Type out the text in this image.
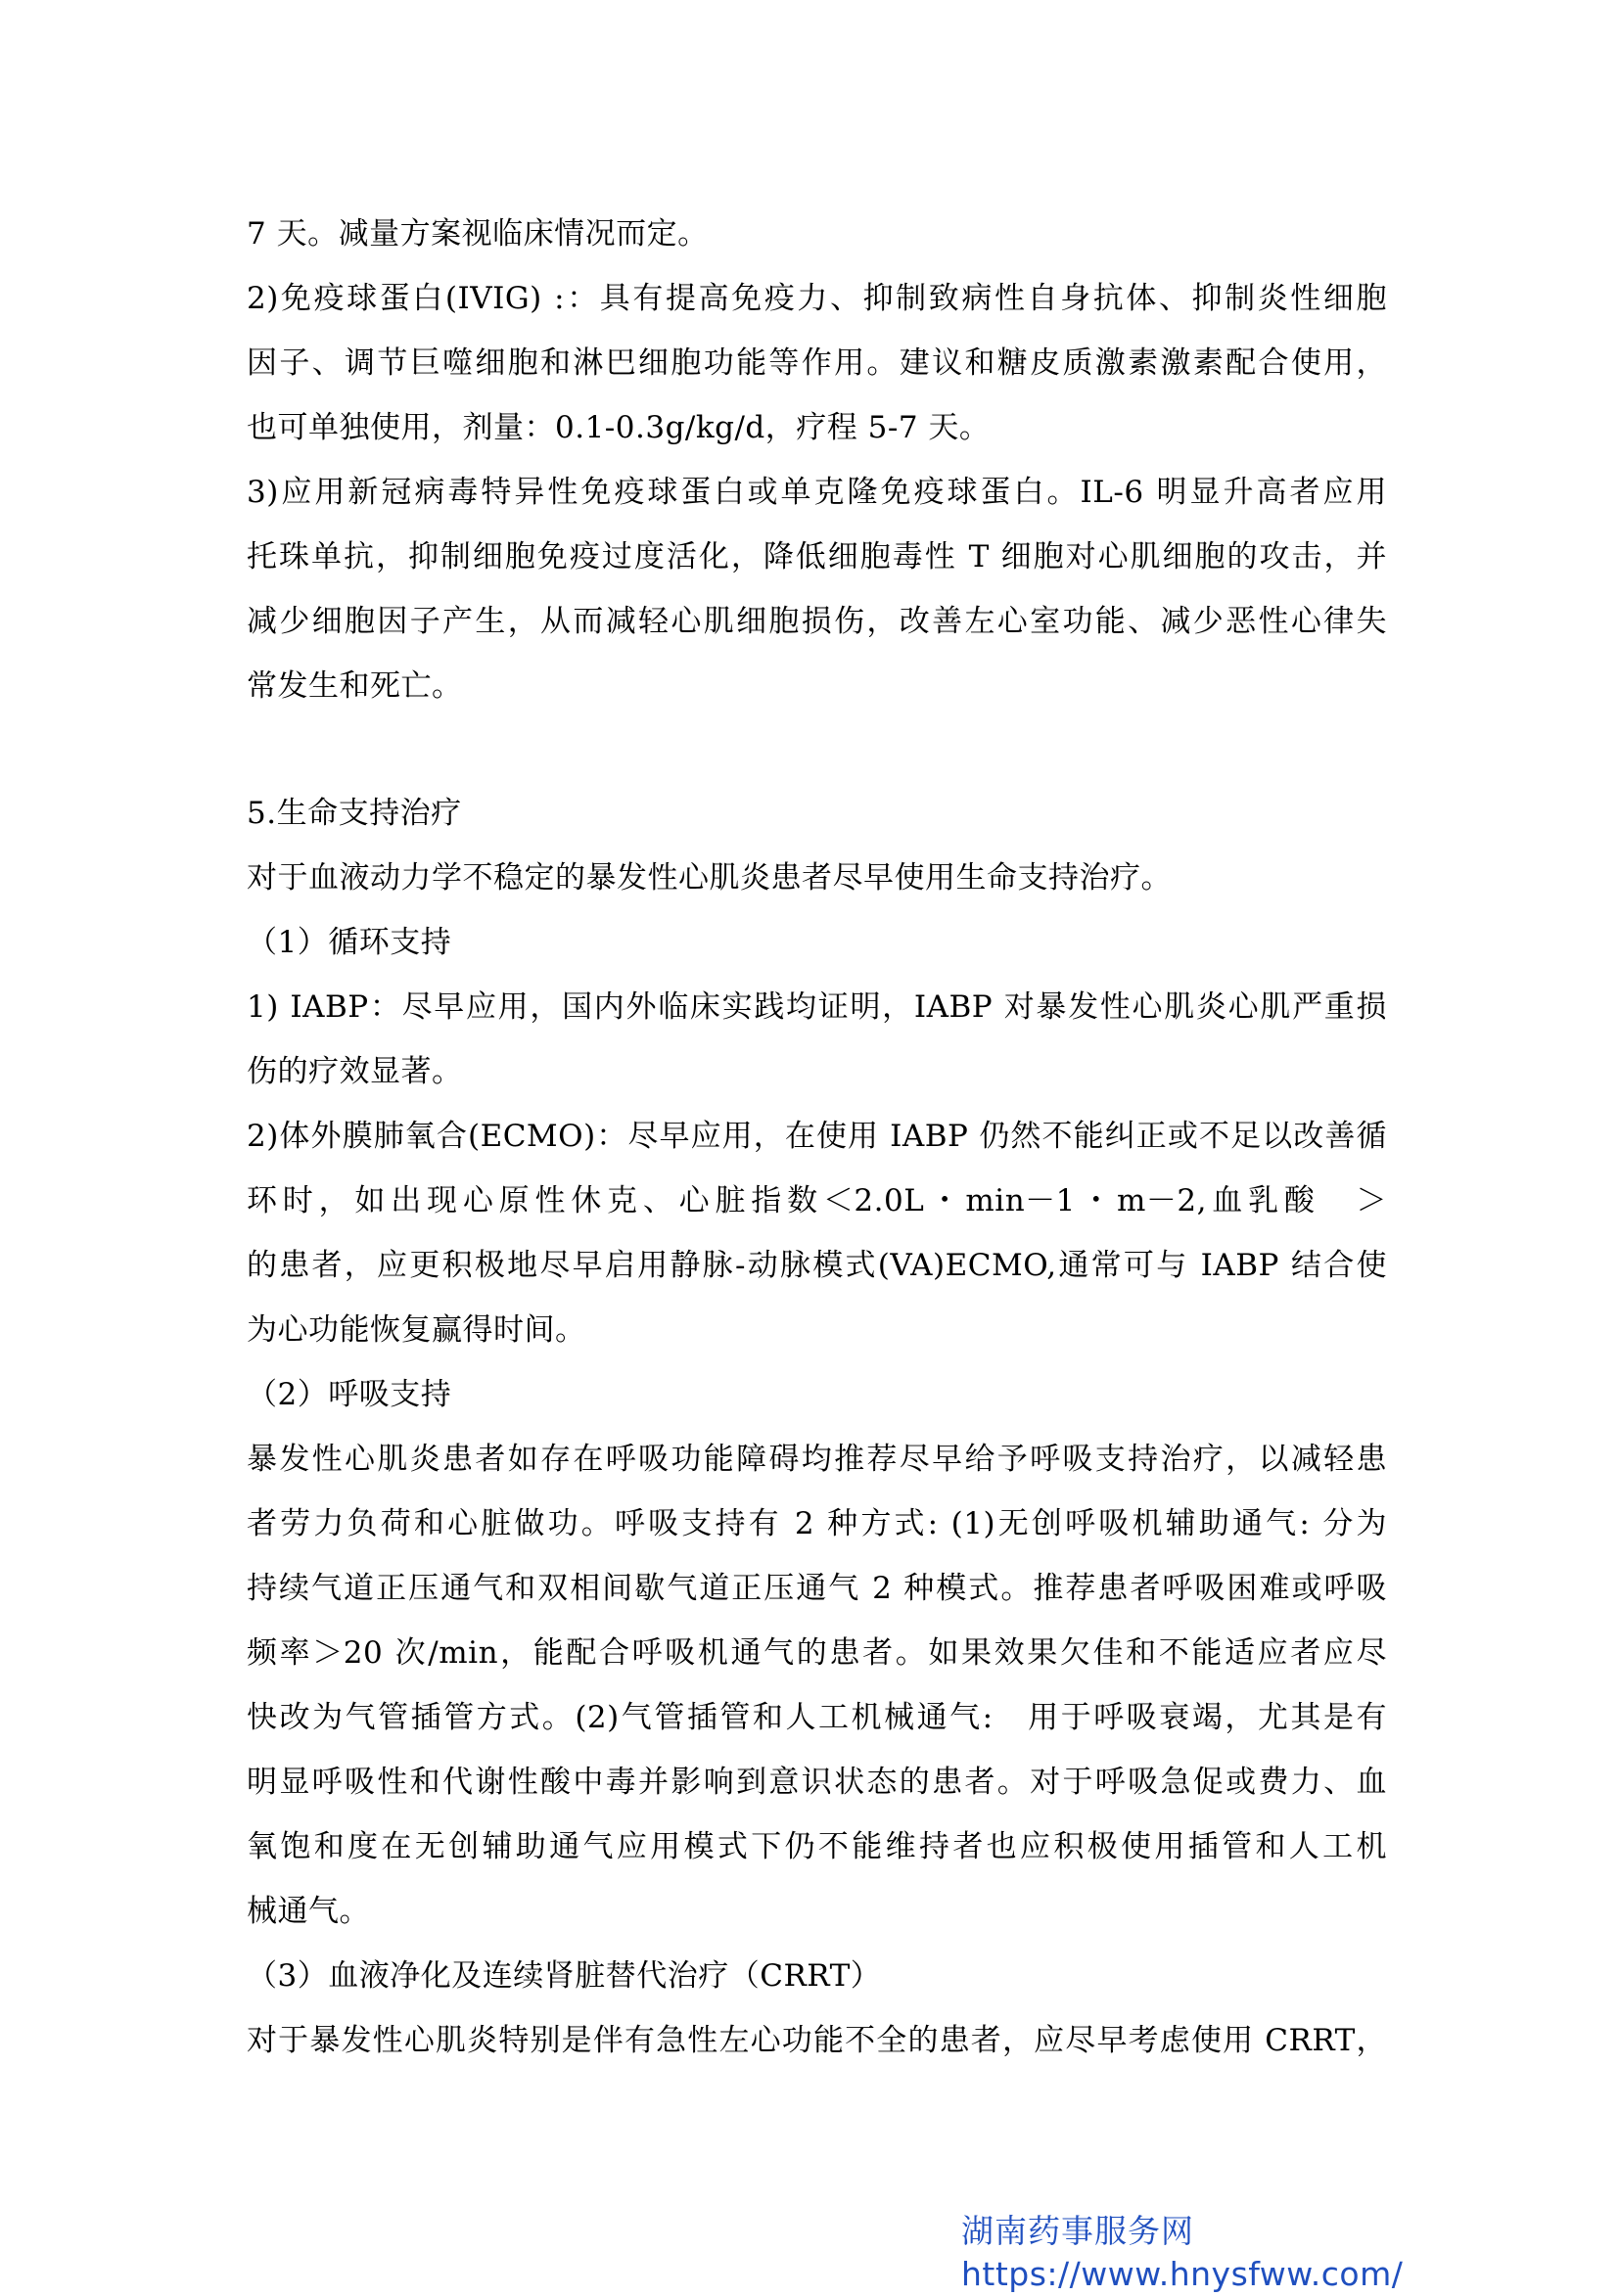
7 天。减量方案视临床情况而定。
2)免疫球蛋白(IVIG) :：具有提高免疫力、抑制致病性自身抗体、抑制炎性细胞
因子、调节巨噬细胞和淋巴细胞功能等作用。建议和糖皮质激素激素配合使用，
也可单独使用，剂量：0.1-0.3g/kg/d，疗程 5-7 天。
3)应用新冠病毒特异性免疫球蛋白或单克隆免疫球蛋白。IL-6 明显升高者应用
托珠单抗，抑制细胞免疫过度活化，降低细胞毒性 T 细胞对心肌细胞的攻击，并
减少细胞因子产生，从而减轻心肌细胞损伤，改善左心室功能、减少恶性心律失
常发生和死亡。
5.生命支持治疗
对于血液动力学不稳定的暴发性心肌炎患者尽早使用生命支持治疗。
（1）循环支持
1) IABP：尽早应用，国内外临床实践均证明，IABP 对暴发性心肌炎心肌严重损
伤的疗效显著。
2)体外膜肺氧合(ECMO)：尽早应用，在使用 IABP 仍然不能纠正或不足以改善循
环时，如出现心原性休克、心脏指数＜2.0L・min－1・m－2,血乳酸　＞
的患者，应更积极地尽早启用静脉-动脉模式(VA)ECMO,通常可与 IABP 结合使
为心功能恢复赢得时间。
（2）呼吸支持
暴发性心肌炎患者如存在呼吸功能障碍均推荐尽早给予呼吸支持治疗，以减轻患
者劳力负荷和心脏做功。呼吸支持有 2 种方式: (1)无创呼吸机辅助通气: 分为
持续气道正压通气和双相间歇气道正压通气 2 种模式。推荐患者呼吸困难或呼吸
频率＞20 次/min，能配合呼吸机通气的患者。如果效果欠佳和不能适应者应尽
快改为气管插管方式。(2)气管插管和人工机械通气:　用于呼吸衰竭，尤其是有
明显呼吸性和代谢性酸中毒并影响到意识状态的患者。对于呼吸急促或费力、血
氧饱和度在无创辅助通气应用模式下仍不能维持者也应积极使用插管和人工机
械通气。
（3）血液净化及连续肾脏替代治疗（CRRT）
对于暴发性心肌炎特别是伴有急性左心功能不全的患者，应尽早考虑使用 CRRT，
湖南药事服务网
https://www.hnysfww.com/
